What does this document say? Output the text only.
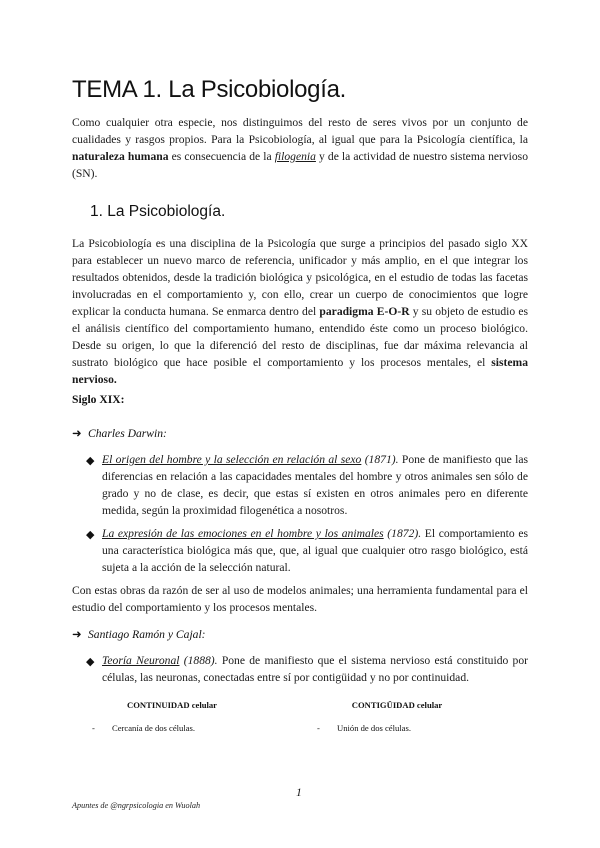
TEMA 1. La Psicobiología.

Como cualquier otra especie, nos distinguimos del resto de seres vivos por un conjunto de cualidades y rasgos propios. Para la Psicobiología, al igual que para la Psicología científica, la naturaleza humana es consecuencia de la filogenia y de la actividad de nuestro sistema nervioso (SN).

1. La Psicobiología.

La Psicobiología es una disciplina de la Psicología que surge a principios del pasado siglo XX para establecer un nuevo marco de referencia, unificador y más amplio, en el que integrar los resultados obtenidos, desde la tradición biológica y psicológica, en el estudio de todas las facetas involucradas en el comportamiento y, con ello, crear un cuerpo de conocimientos que logre explicar la conducta humana. Se enmarca dentro del paradigma E-O-R y su objeto de estudio es el análisis científico del comportamiento humano, entendido éste como un proceso biológico. Desde su origen, lo que la diferenció del resto de disciplinas, fue dar máxima relevancia al sustrato biológico que hace posible el comportamiento y los procesos mentales, el sistema nervioso.

Siglo XIX:

➜ Charles Darwin:
◆ El origen del hombre y la selección en relación al sexo (1871). Pone de manifiesto que las diferencias en relación a las capacidades mentales del hombre y otros animales sen sólo de grado y no de clase, es decir, que estas sí existen en otros animales pero en diferente medida, según la proximidad filogenética a nosotros.
◆ La expresión de las emociones en el hombre y los animales (1872). El comportamiento es una característica biológica más que, que, al igual que cualquier otro rasgo biológico, está sujeta a la acción de la selección natural.

Con estas obras da razón de ser al uso de modelos animales; una herramienta fundamental para el estudio del comportamiento y los procesos mentales.

➜ Santiago Ramón y Cajal:
◆ Teoría Neuronal (1888). Pone de manifiesto que el sistema nervioso está constituido por células, las neuronas, conectadas entre sí por contigüidad y no por continuidad.
CONTINUIDAD celular
- Cercanía de dos células.
CONTIGÜIDAD celular
- Unión de dos células.
1
Apuntes de @ngrpsicologia en Wuolah
